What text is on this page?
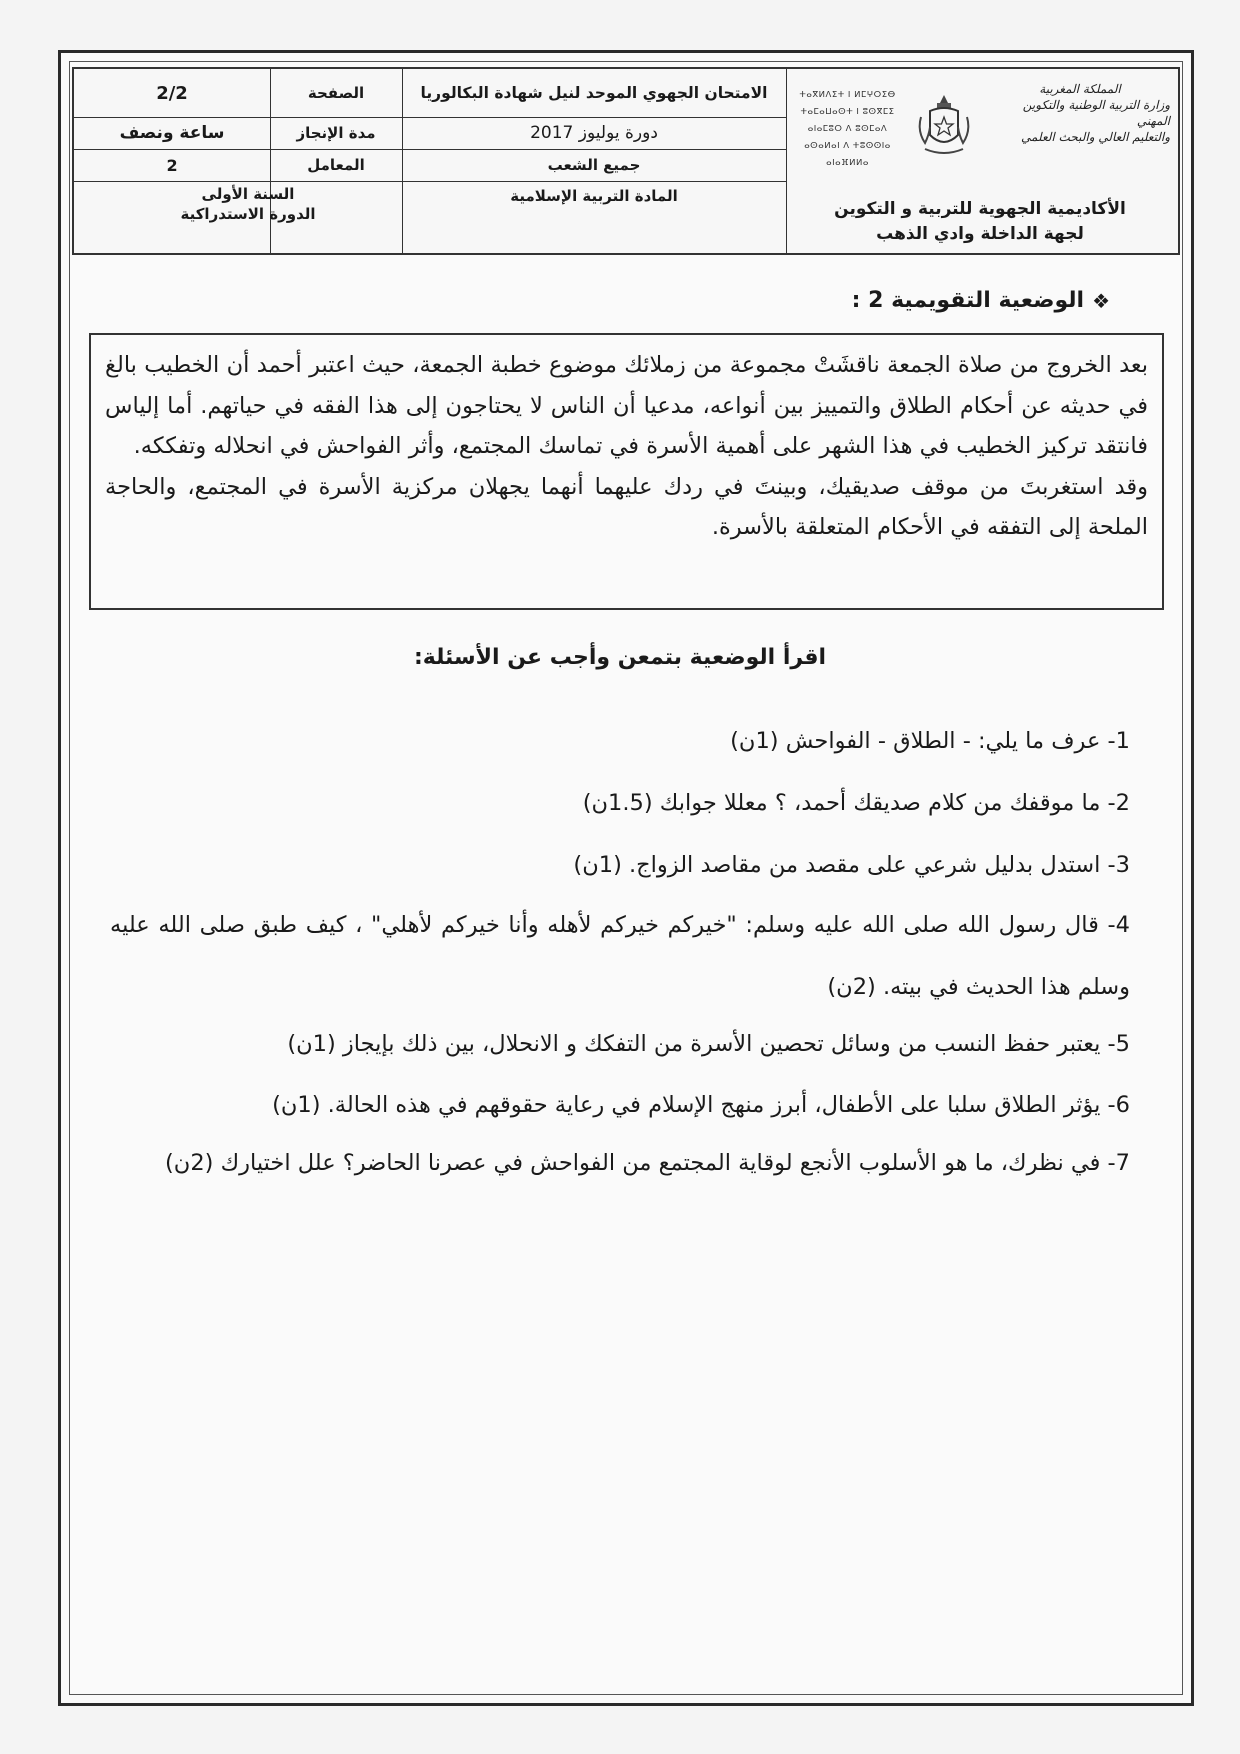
2/2
ساعة ونصف
2
السنة الأولى
الدورة الاستدراكية
الصفحة
مدة الإنجاز
المعامل
الامتحان الجهوي الموحد لنيل شهادة البكالوريا
دورة يوليوز 2017
جميع الشعب
المادة التربية الإسلامية
المملكة المغربية
وزارة التربية الوطنية والتكوين المهني
والتعليم العالي والبحث العلمي
ⵜⴰⴳⵍⴷⵉⵜ ⵏ ⵍⵎⵖⵔⵉⴱ
ⵜⴰⵎⴰⵡⴰⵙⵜ ⵏ ⵓⵙⴳⵎⵉ ⴰⵏⴰⵎⵓⵔ ⴷ ⵓⵙⵎⴰⴷ
ⴰⵙⴰⵍⴰⵏ ⴷ ⵜⵓⵙⵙⵏⴰ ⴰⵏⴰⴼⵍⵍⴰ
الأكاديمية الجهوية للتربية و التكوين
لجهة الداخلة وادي الذهب
❖
الوضعية التقويمية 2 :

بعد الخروج من صلاة الجمعة ناقشَتْ مجموعة من زملائك موضوع خطبة الجمعة، حيث اعتبر أحمد أن الخطيب بالغ في حديثه عن أحكام الطلاق والتمييز بين أنواعه، مدعيا أن الناس لا يحتاجون إلى هذا الفقه في حياتهم. أما إلياس فانتقد تركيز الخطيب في هذا الشهر على أهمية الأسرة في تماسك المجتمع، وأثر الفواحش في انحلاله وتفككه.

وقد استغربتَ من موقف صديقيك، وبينتَ في ردك عليهما أنهما يجهلان مركزية الأسرة في المجتمع، والحاجة الملحة إلى التفقه في الأحكام المتعلقة بالأسرة.

اقرأ الوضعية بتمعن وأجب عن الأسئلة:
1- عرف ما يلي: - الطلاق - الفواحش (1ن)
2- ما موقفك من كلام صديقك أحمد، ؟ معللا جوابك (1.5ن)
3- استدل بدليل شرعي على مقصد من مقاصد الزواج. (1ن)
4- قال رسول الله صلى الله عليه وسلم: "خيركم خيركم لأهله وأنا خيركم لأهلي" ، كيف طبق صلى الله عليه وسلم هذا الحديث في بيته. (2ن)
5- يعتبر حفظ النسب من وسائل تحصين الأسرة من التفكك و الانحلال، بين ذلك بإيجاز (1ن)
6- يؤثر الطلاق سلبا على الأطفال، أبرز منهج الإسلام في رعاية حقوقهم في هذه الحالة. (1ن)
7- في نظرك، ما هو الأسلوب الأنجع لوقاية المجتمع من الفواحش في عصرنا الحاضر؟ علل اختيارك (2ن)
